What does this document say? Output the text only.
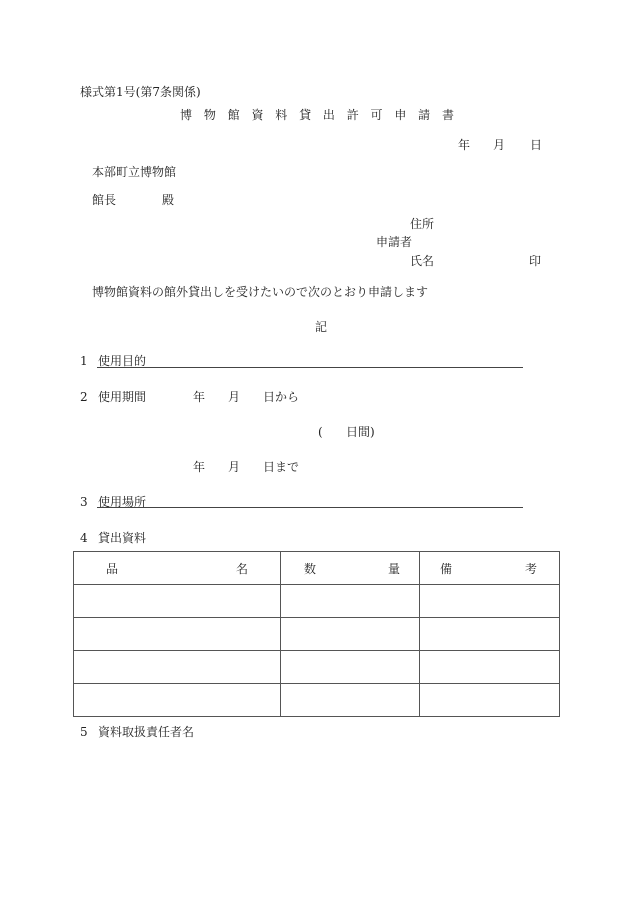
様式第1号(第7条関係)
博 物 館 資 料 貸 出 許 可 申 請 書
年 月 日
本部町立博物館
館長	殿
住所
申請者
氏名	印
博物館資料の館外貸出しを受けたいので次のとおり申請します
記
1 使用目的
2 使用期間	年 月 日から
( 日間)
年 月 日まで
3 使用場所
4 貸出資料
品 名	数 量	備 考

5 資料取扱責任者名
